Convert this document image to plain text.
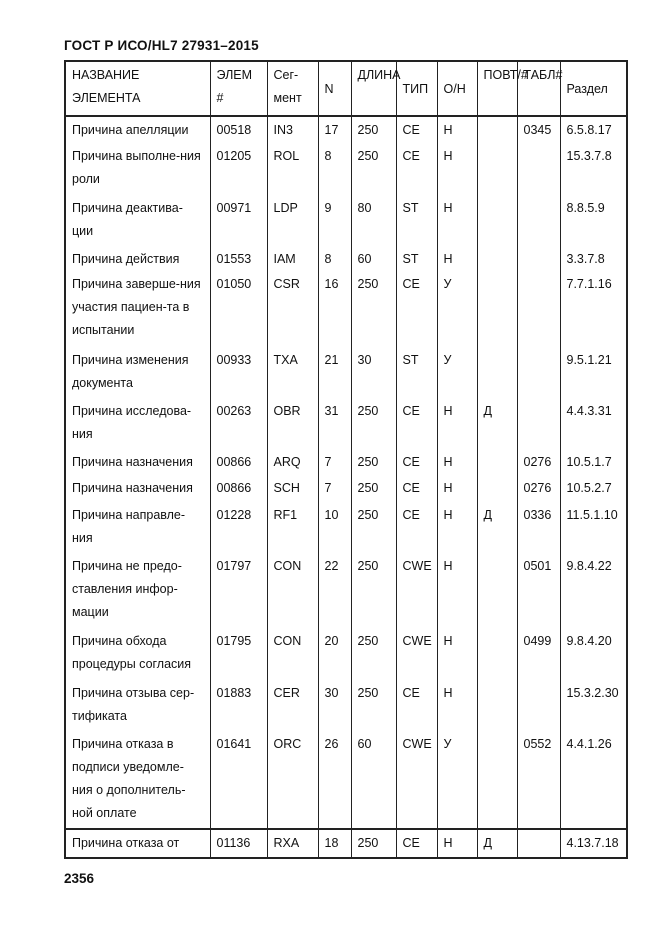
ГОСТ Р ИСО/HL7 27931–2015
НАЗВАНИЕ ЭЛЕМЕНТА	ЭЛЕМ #	Сег-мент	N	ДЛИНА	ТИП	О/Н	ПОВТ/#	ТАБЛ#	Раздел
Причина апелляции	00518	IN3	17	250	CE	Н		0345	6.5.8.17
Причина выполне-ния роли	01205	ROL	8	250	CE	Н			15.3.7.8
Причина деактива-ции	00971	LDP	9	80	ST	Н			8.8.5.9
Причина действия	01553	IAM	8	60	ST	Н			3.3.7.8
Причина заверше-ния участия пациен-та в испытании	01050	CSR	16	250	CE	У			7.7.1.16
Причина изменения документа	00933	TXA	21	30	ST	У			9.5.1.21
Причина исследова-ния	00263	OBR	31	250	CE	Н	Д		4.4.3.31
Причина назначения	00866	ARQ	7	250	CE	Н		0276	10.5.1.7
Причина назначения	00866	SCH	7	250	CE	Н		0276	10.5.2.7
Причина направле-ния	01228	RF1	10	250	CE	Н	Д	0336	11.5.1.10
Причина не предо-ставления инфор-мации	01797	CON	22	250	CWE	Н		0501	9.8.4.22
Причина обхода процедуры согласия	01795	CON	20	250	CWE	Н		0499	9.8.4.20
Причина отзыва сер-тификата	01883	CER	30	250	CE	Н			15.3.2.30
Причина отказа в подписи уведомле-ния о дополнитель-ной оплате	01641	ORC	26	60	CWE	У		0552	4.4.1.26
Причина отказа от	01136	RXA	18	250	CE	Н	Д		4.13.7.18
2356
